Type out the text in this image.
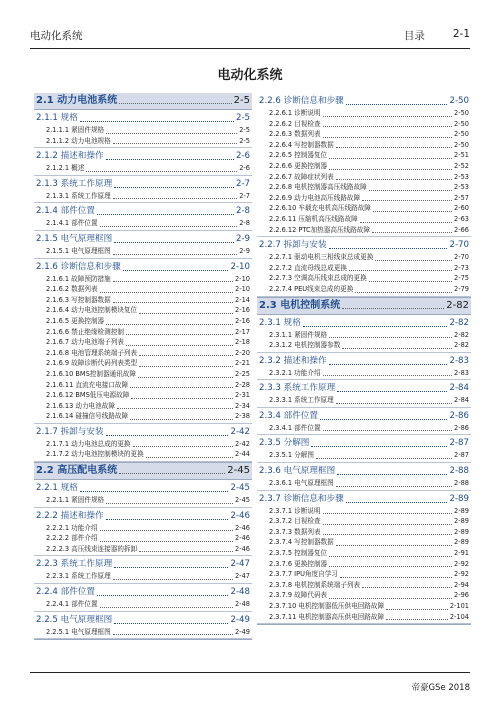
电动化系统	目录	2-1
电动化系统
2.1 动力电池系统	2-5
2.1.1 规格	2-5
2.1.1.1 紧固件规格	2-5
2.1.1.2 动力电池规格	2-5
2.1.2 描述和操作	2-6
2.1.2.1 概述	2-6
2.1.3 系统工作原理	2-7
2.1.3.1 系统工作原理	2-7
2.1.4 部件位置	2-8
2.1.4.1 部件位置	2-8
2.1.5 电气原理框图	2-9
2.1.5.1 电气原理框图	2-9
2.1.6 诊断信息和步骤	2-10
2.1.6.1 故障预防措施	2-10
2.1.6.2 数据列表	2-10
2.1.6.3 写控制器数据	2-14
2.1.6.4 动力电池控制模块复位	2-16
2.1.6.5 更换控制器	2-16
2.1.6.6 禁止绝缘检测控制	2-17
2.1.6.7 动力电池端子列表	2-18
2.1.6.8 电池管理系统端子列表	2-20
2.1.6.9 故障诊断代码列表类型	2-21
2.1.6.10 BMS控制器通讯故障	2-25
2.1.6.11 直流充电接口故障	2-28
2.1.6.12 BMS低压电源故障	2-31
2.1.6.13 动力电池故障	2-34
2.1.6.14 碰撞信号线路故障	2-38
2.1.7 拆卸与安装	2-42
2.1.7.1 动力电池总成的更换	2-42
2.1.7.2 动力电池控制模块的更换	2-44
2.2 高压配电系统	2-45
2.2.1 规格	2-45
2.2.1.1 紧固件规格	2-45
2.2.2 描述和操作	2-46
2.2.2.1 功能介绍	2-46
2.2.2.2 部件介绍	2-46
2.2.2.3 高压线束连接器的拆卸	2-46
2.2.3 系统工作原理	2-47
2.2.3.1 系统工作原理	2-47
2.2.4 部件位置	2-48
2.2.4.1 部件位置	2-48
2.2.5 电气原理框图	2-49
2.2.5.1 电气原理框图	2-49
2.2.6 诊断信息和步骤	2-50
2.2.6.1 诊断说明	2-50
2.2.6.2 目视检查	2-50
2.2.6.3 数据列表	2-50
2.2.6.4 写控制器数据	2-50
2.2.6.5 控制器复位	2-51
2.2.6.6 更换控制器	2-52
2.2.6.7 故障症状列表	2-53
2.2.6.8 电机控制器高压线路故障	2-53
2.2.6.9 动力电池高压线路故障	2-57
2.2.6.10 车载充电机高压线路故障	2-60
2.2.6.11 压缩机高压线路故障	2-63
2.2.6.12 PTC加热器高压线路故障	2-66
2.2.7 拆卸与安装	2-70
2.2.7.1 驱动电机三相线束总成更换	2-70
2.2.7.2 直流母线总成更换	2-73
2.2.7.3 空调高压线束总成的更换	2-75
2.2.7.4 PEU线束总成的更换	2-79
2.3 电机控制系统	2-82
2.3.1 规格	2-82
2.3.1.1 紧固件规格	2-82
2.3.1.2 电机控制器参数	2-82
2.3.2 描述和操作	2-83
2.3.2.1 功能介绍	2-83
2.3.3 系统工作原理	2-84
2.3.3.1 系统工作原理	2-84
2.3.4 部件位置	2-86
2.3.4.1 部件位置	2-86
2.3.5 分解图	2-87
2.3.5.1 分解图	2-87
2.3.6 电气原理框图	2-88
2.3.6.1 电气原理框图	2-88
2.3.7 诊断信息和步骤	2-89
2.3.7.1 诊断说明	2-89
2.3.7.2 目视检查	2-89
2.3.7.3 数据列表	2-89
2.3.7.4 写控制器数据	2-89
2.3.7.5 控制器复位	2-91
2.3.7.6 更换控制器	2-92
2.3.7.7 IPU角度自学习	2-92
2.3.7.8 电机控制系统端子列表	2-94
2.3.7.9 故障代码表	2-96
2.3.7.10 电机控制器低压供电回路故障	2-101
2.3.7.11 电机控制器高压供电回路故障	2-104
帝豪GSe 2018
